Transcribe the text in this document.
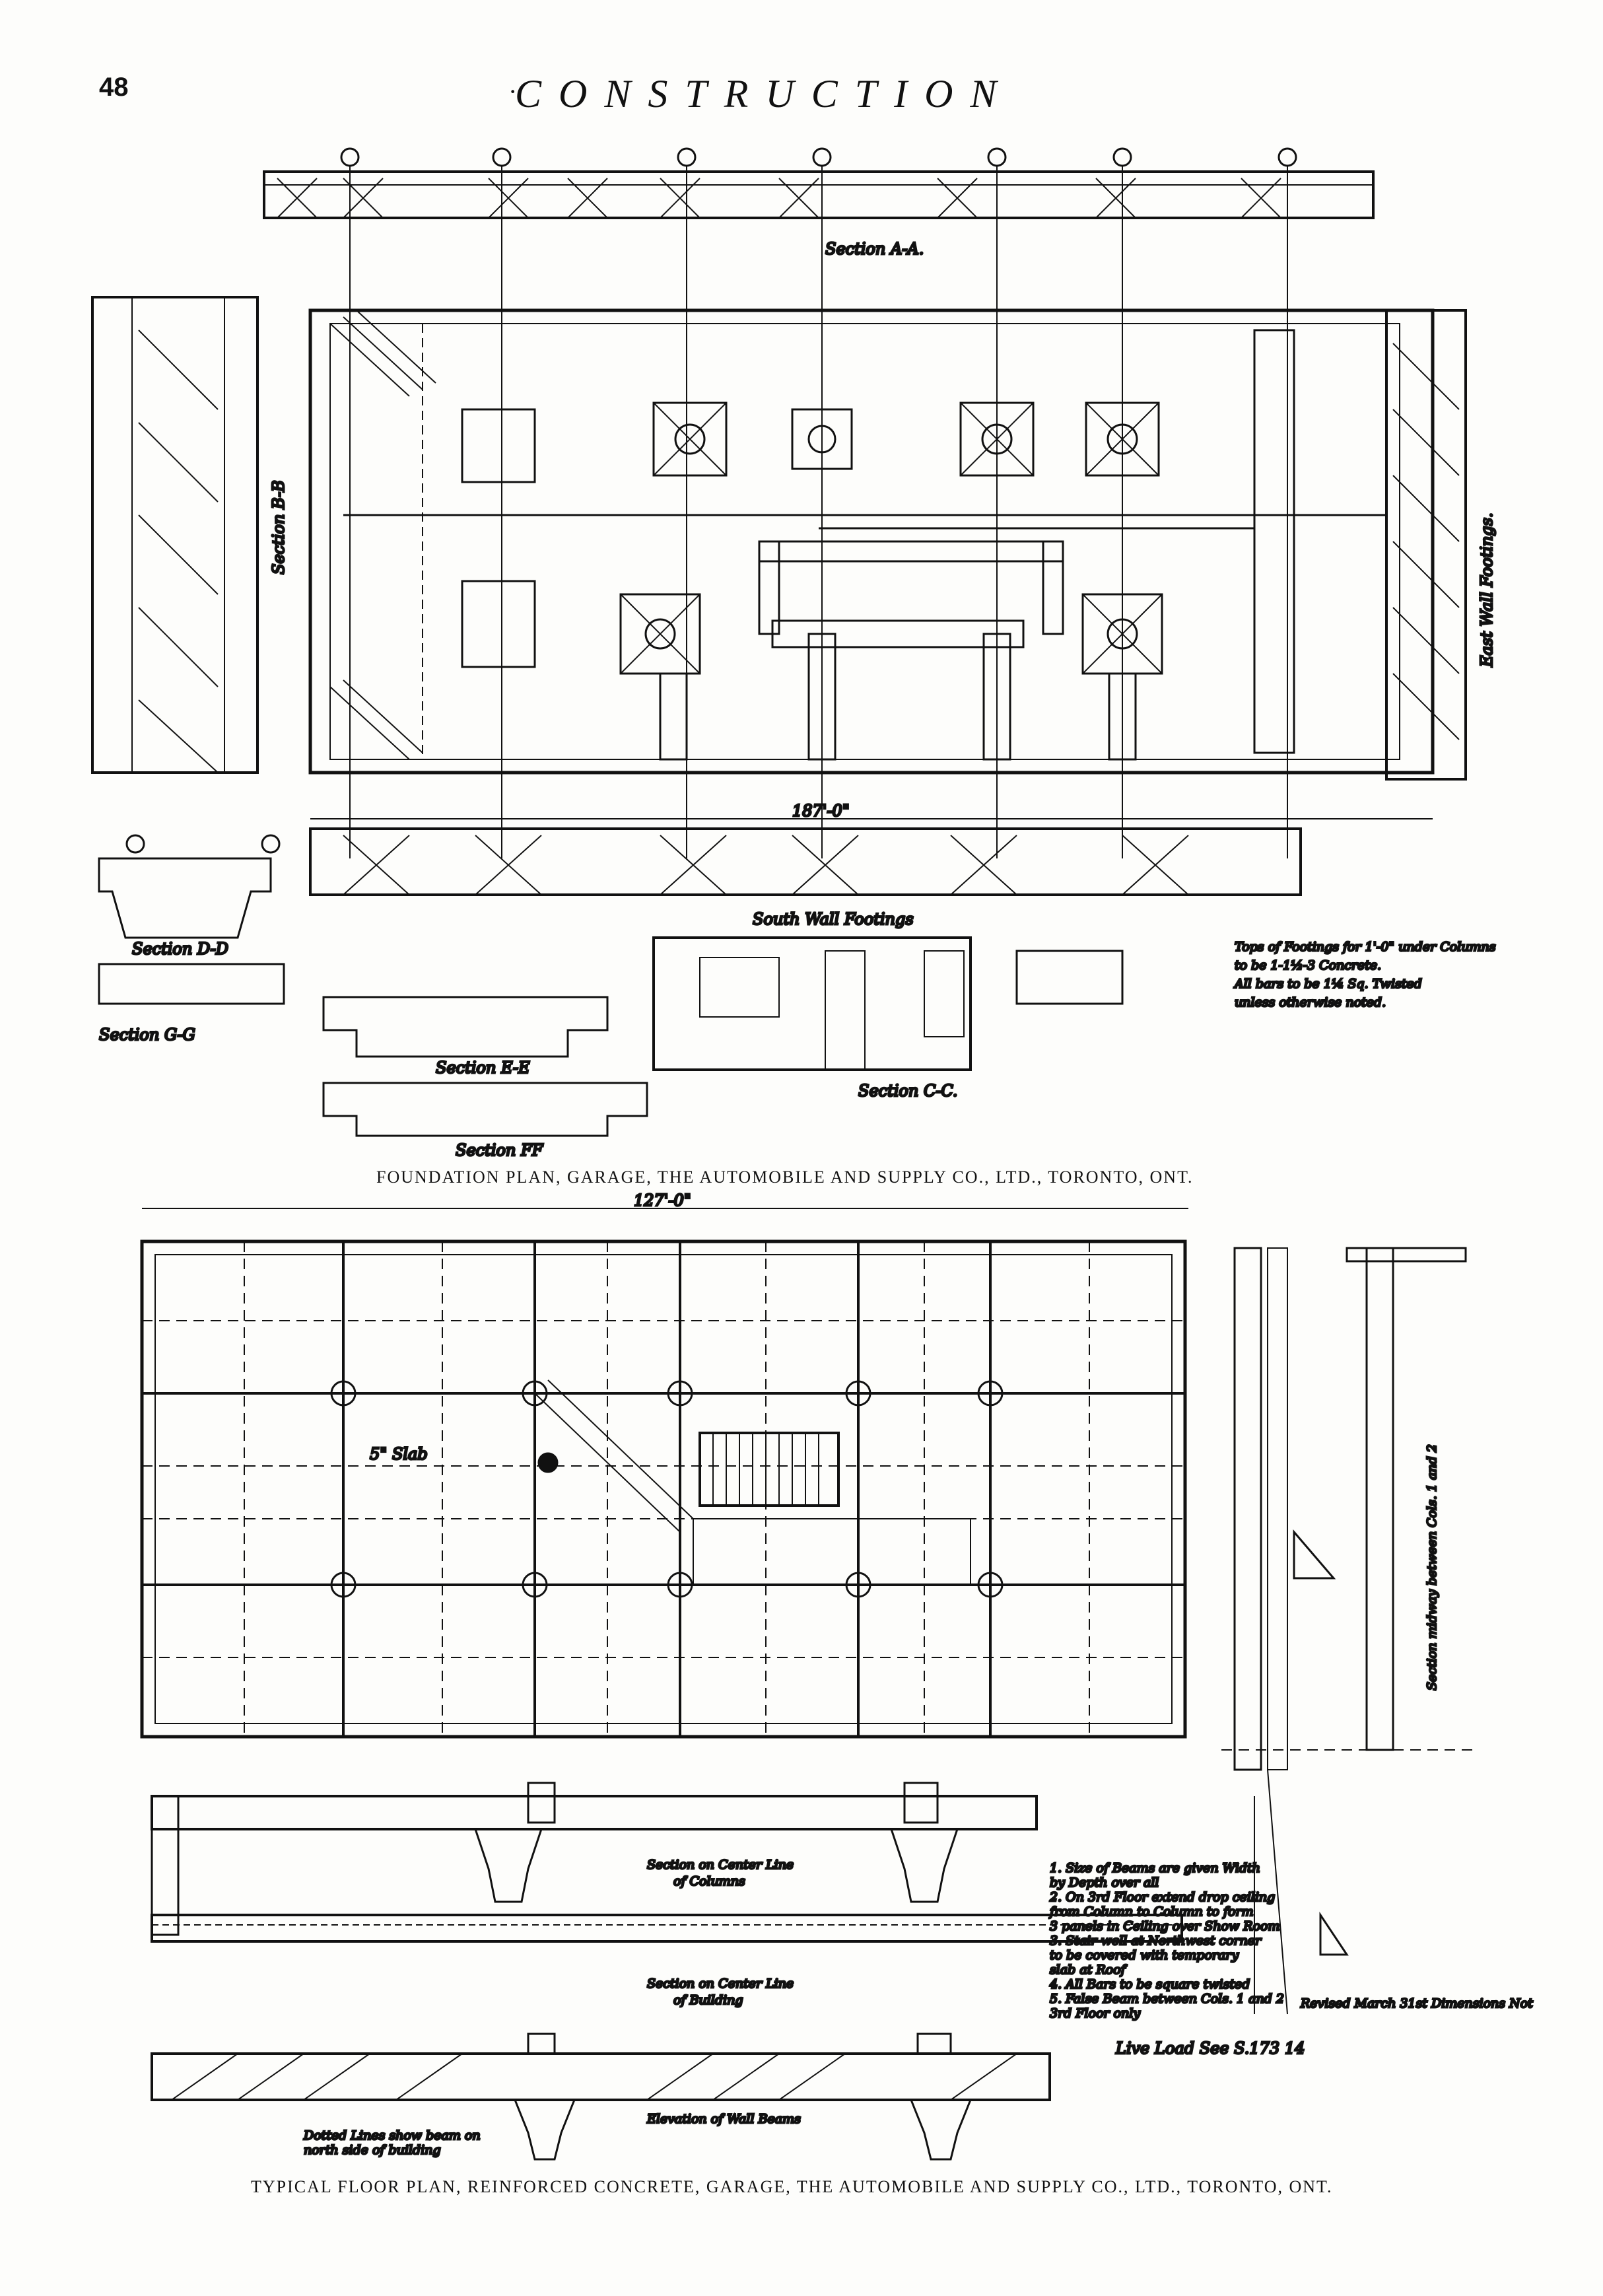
48	·
CONSTRUCTION
Section A-A.
Section B-B	East Wall Footings.
South Wall Footings
187'-0"
Section D-D
Section G-G
Section E-E
Section FF
Section C-C.
Tops of Footings for 1'-0" under Columns
to be 1-1½-3 Concrete.
All bars to be 1¼ Sq. Twisted
unless otherwise noted.
127'-0"
5" Slab
Section on Center Line
of Columns
Section on Center Line
of Building
Elevation of Wall Beams
Section midway between Cols. 1 and 2
Live Load See S.173 14
Dotted Lines show beam on
north side of building
Revised March 31st Dimensions Not
1. Size of Beams are given Width
by Depth over all
2. On 3rd Floor extend drop ceiling
from Column to Column to form
3 panels in Ceiling over Show Room
3. Stair-well at Northwest corner
to be covered with temporary
slab at Roof
4. All Bars to be square twisted
5. False Beam between Cols. 1 and 2
3rd Floor only
FOUNDATION PLAN, GARAGE, THE AUTOMOBILE AND SUPPLY CO., LTD., TORONTO, ONT.
TYPICAL FLOOR PLAN, REINFORCED CONCRETE, GARAGE, THE AUTOMOBILE AND SUPPLY CO., LTD., TORONTO, ONT.
